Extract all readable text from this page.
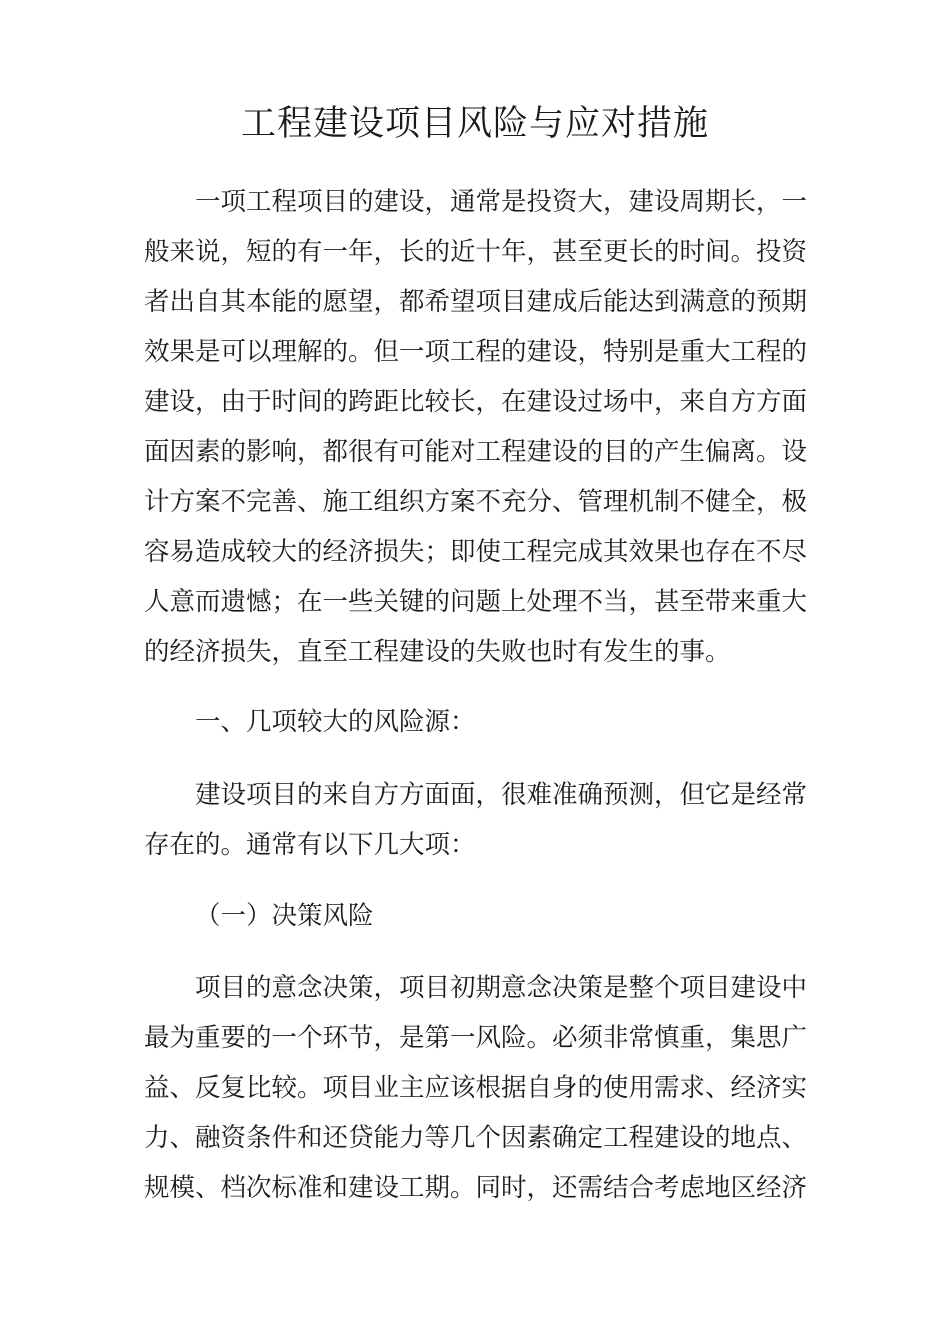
工程建设项目风险与应对措施
一项工程项目的建设，通常是投资大，建设周期长，一
般来说，短的有一年，长的近十年，甚至更长的时间。投资
者出自其本能的愿望，都希望项目建成后能达到满意的预期
效果是可以理解的。但一项工程的建设，特别是重大工程的
建设，由于时间的跨距比较长，在建设过场中，来自方方面
面因素的影响，都很有可能对工程建设的目的产生偏离。设
计方案不完善、施工组织方案不充分、管理机制不健全，极
容易造成较大的经济损失；即使工程完成其效果也存在不尽
人意而遗憾；在一些关键的问题上处理不当，甚至带来重大
的经济损失，直至工程建设的失败也时有发生的事。
一、几项较大的风险源：
建设项目的来自方方面面，很难准确预测，但它是经常
存在的。通常有以下几大项：
（一）决策风险
项目的意念决策，项目初期意念决策是整个项目建设中
最为重要的一个环节，是第一风险。必须非常慎重，集思广
益、反复比较。项目业主应该根据自身的使用需求、经济实
力、融资条件和还贷能力等几个因素确定工程建设的地点、
规模、档次标准和建设工期。同时，还需结合考虑地区经济
